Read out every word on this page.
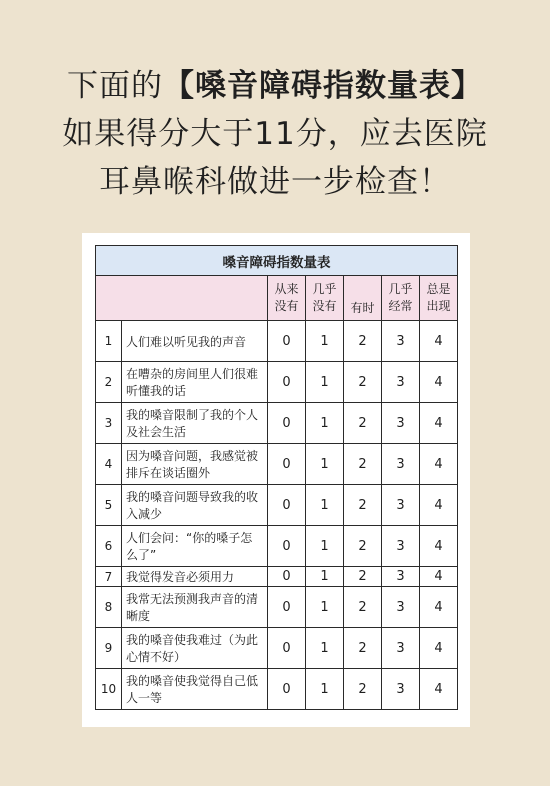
下面的【嗓音障碍指数量表】
如果得分大于11分，应去医院
耳鼻喉科做进一步检查！
嗓音障碍指数量表						
		从来没有	几乎没有	有时	几乎经常	总是出现
1	人们难以听见我的声音	0	1	2	3	4
2	在嘈杂的房间里人们很难听懂我的话	0	1	2	3	4
3	我的嗓音限制了我的个人及社会生活	0	1	2	3	4
4	因为嗓音问题，我感觉被排斥在谈话圈外	0	1	2	3	4
5	我的嗓音问题导致我的收入减少	0	1	2	3	4
6	人们会问：“你的嗓子怎么了”	0	1	2	3	4
7	我觉得发音必须用力	0	1	2	3	4
8	我常无法预测我声音的清晰度	0	1	2	3	4
9	我的嗓音使我难过（为此心情不好）	0	1	2	3	4
10	我的嗓音使我觉得自己低人一等	0	1	2	3	4
